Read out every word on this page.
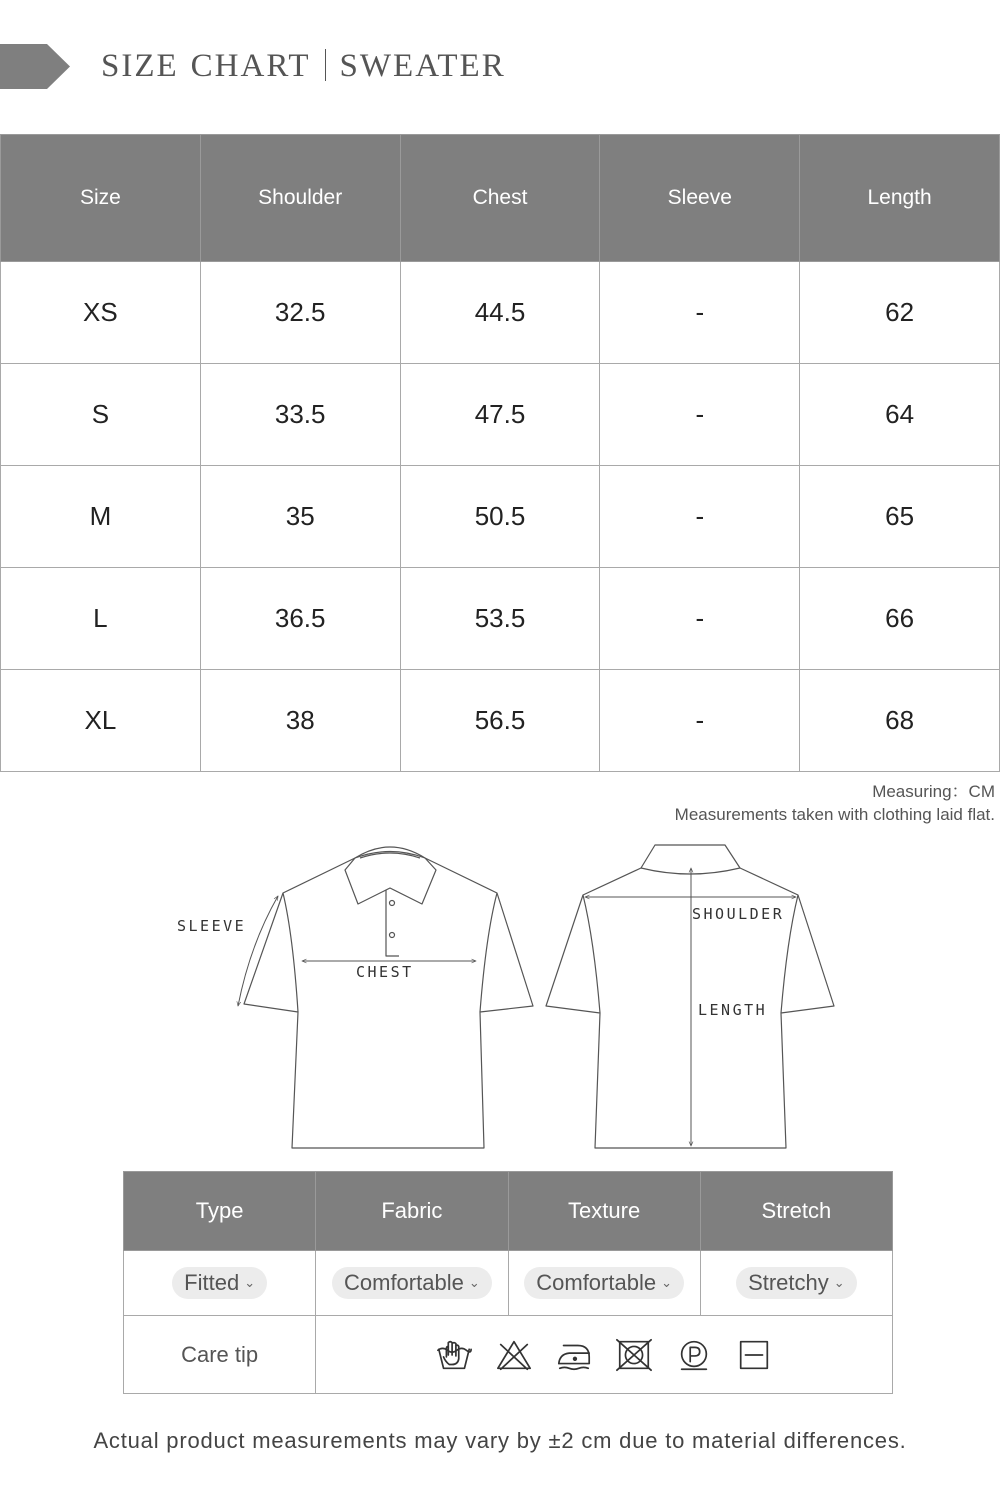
SIZE CHART SWEATER
Size	Shoulder	Chest	Sleeve	Length
XS	32.5	44.5	-	62
S	33.5	47.5	-	64
M	35	50.5	-	65
L	36.5	53.5	-	66
XL	38	56.5	-	68
Measuring：CM
Measurements taken with clothing laid flat.
SLEEVE
CHEST
SHOULDER
LENGTH
Type	Fabric	Texture	Stretch
Fitted ⌄	Comfortable ⌄	Comfortable ⌄	Stretchy ⌄
Care tip	
Actual product measurements may vary by ±2 cm due to material differences.
